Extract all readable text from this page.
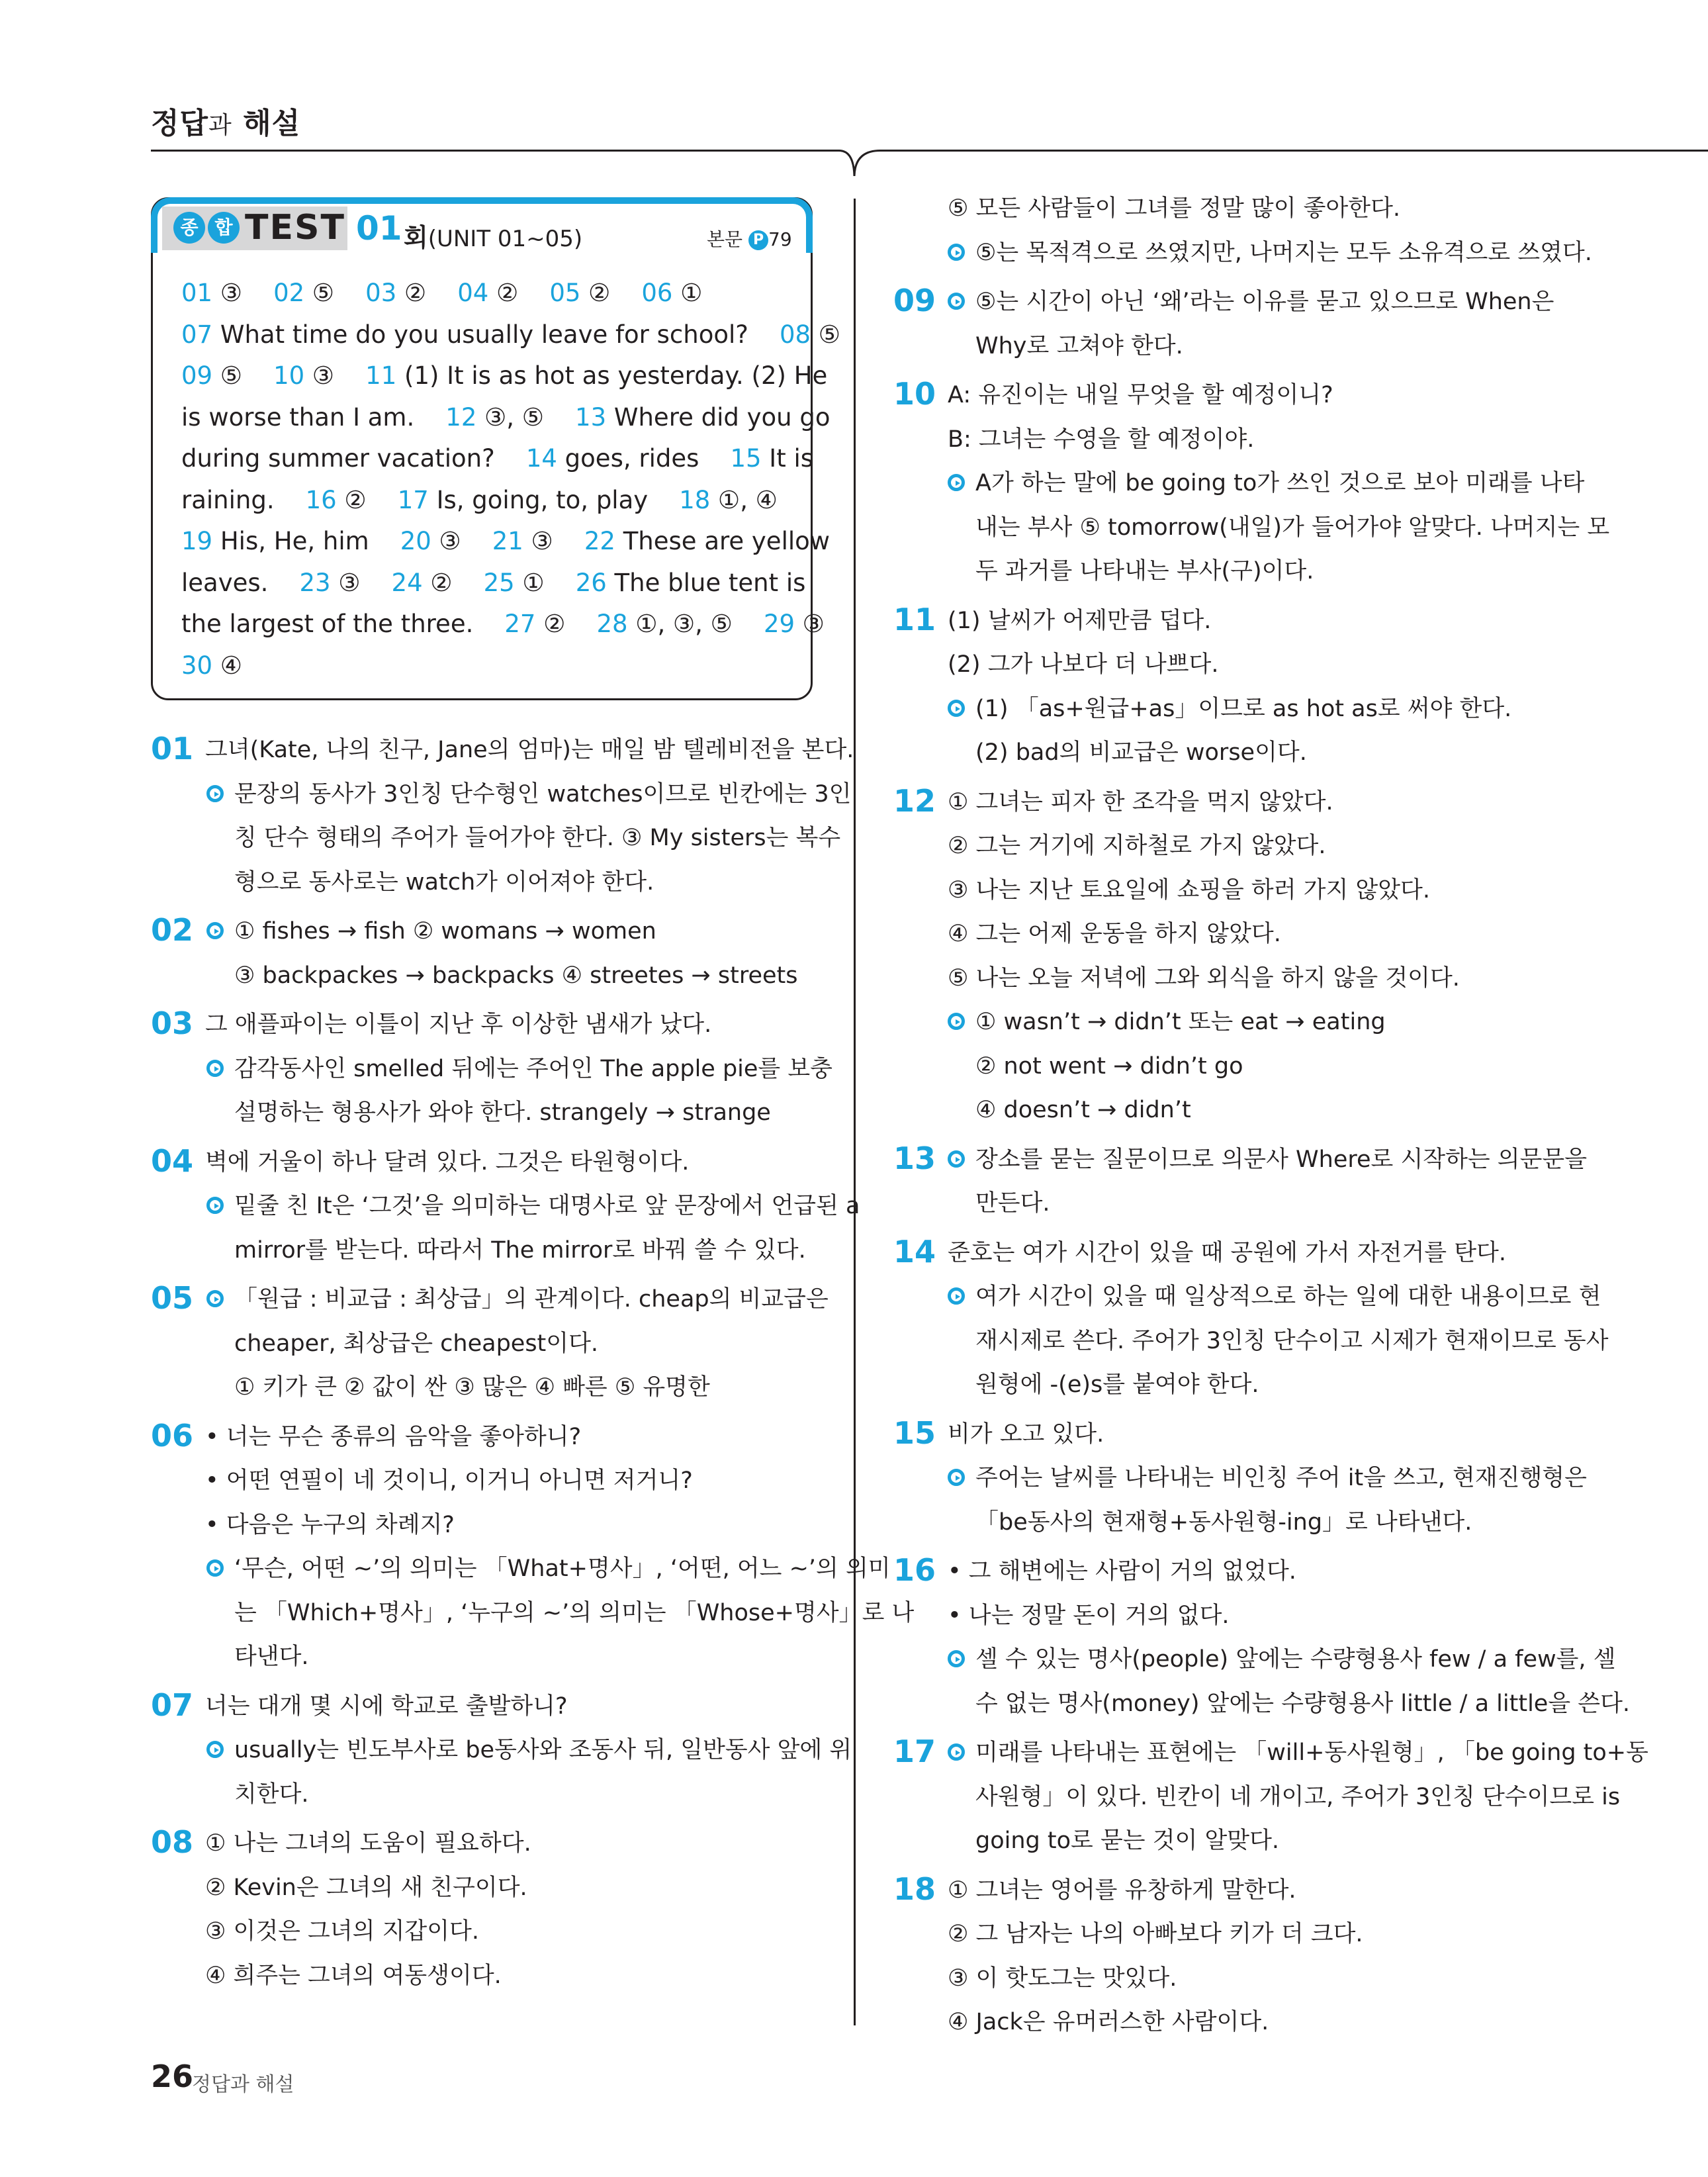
정답과 해설
종 합 TEST 01 회(UNIT 01~05)	본문 P 79
01 ③    02 ⑤    03 ②    04 ②    05 ②    06 ①
07 What time do you usually leave for school?    08 ⑤
09 ⑤    10 ③    11 (1) It is as hot as yesterday. (2) He
is worse than I am.    12 ③, ⑤    13 Where did you go
during summer vacation?    14 goes, rides    15 It is
raining.    16 ②    17 Is, going, to, play    18 ①, ④
19 His, He, him    20 ③    21 ③    22 These are yellow
leaves.    23 ③    24 ②    25 ①    26 The blue tent is
the largest of the three.    27 ②    28 ①, ③, ⑤    29 ③
30 ④
26
정답과 해설
01 그녀(Kate, 나의 친구, Jane의 엄마)는 매일 밤 텔레비전을 본다.
문장의 동사가 3인칭 단수형인 watches이므로 빈칸에는 3인
칭 단수 형태의 주어가 들어가야 한다. ③ My sisters는 복수
형으로 동사로는 watch가 이어져야 한다.
02 ① fishes → fish ② womans → women
③ backpackes → backpacks ④ streetes → streets
03 그 애플파이는 이틀이 지난 후 이상한 냄새가 났다.
감각동사인 smelled 뒤에는 주어인 The apple pie를 보충
설명하는 형용사가 와야 한다. strangely → strange
04 벽에 거울이 하나 달려 있다. 그것은 타원형이다.
밑줄 친 It은 ‘그것’을 의미하는 대명사로 앞 문장에서 언급된 a
mirror를 받는다. 따라서 The mirror로 바꿔 쓸 수 있다.
05 「원급 : 비교급 : 최상급」의 관계이다. cheap의 비교급은
cheaper, 최상급은 cheapest이다.
① 키가 큰 ② 값이 싼 ③ 많은 ④ 빠른 ⑤ 유명한
06 • 너는 무슨 종류의 음악을 좋아하니?
• 어떤 연필이 네 것이니, 이거니 아니면 저거니?
• 다음은 누구의 차례지?
‘무슨, 어떤 ~’의 의미는 「What+명사」, ‘어떤, 어느 ~’의 의미
는 「Which+명사」, ‘누구의 ~’의 의미는 「Whose+명사」로 나
타낸다.
07 너는 대개 몇 시에 학교로 출발하니?
usually는 빈도부사로 be동사와 조동사 뒤, 일반동사 앞에 위
치한다.
08 ① 나는 그녀의 도움이 필요하다.
② Kevin은 그녀의 새 친구이다.
③ 이것은 그녀의 지갑이다.
④ 희주는 그녀의 여동생이다.
⑤ 모든 사람들이 그녀를 정말 많이 좋아한다.
⑤는 목적격으로 쓰였지만, 나머지는 모두 소유격으로 쓰였다.
09 ⑤는 시간이 아닌 ‘왜’라는 이유를 묻고 있으므로 When은
Why로 고쳐야 한다.
10 A: 유진이는 내일 무엇을 할 예정이니?
B: 그녀는 수영을 할 예정이야.
A가 하는 말에 be going to가 쓰인 것으로 보아 미래를 나타
내는 부사 ⑤ tomorrow(내일)가 들어가야 알맞다. 나머지는 모
두 과거를 나타내는 부사(구)이다.
11 (1) 날씨가 어제만큼 덥다.
(2) 그가 나보다 더 나쁘다.
(1) 「as+원급+as」이므로 as hot as로 써야 한다.
(2) bad의 비교급은 worse이다.
12 ① 그녀는 피자 한 조각을 먹지 않았다.
② 그는 거기에 지하철로 가지 않았다.
③ 나는 지난 토요일에 쇼핑을 하러 가지 않았다.
④ 그는 어제 운동을 하지 않았다.
⑤ 나는 오늘 저녁에 그와 외식을 하지 않을 것이다.
① wasn’t → didn’t 또는 eat → eating
② not went → didn’t go
④ doesn’t → didn’t
13 장소를 묻는 질문이므로 의문사 Where로 시작하는 의문문을
만든다.
14 준호는 여가 시간이 있을 때 공원에 가서 자전거를 탄다.
여가 시간이 있을 때 일상적으로 하는 일에 대한 내용이므로 현
재시제로 쓴다. 주어가 3인칭 단수이고 시제가 현재이므로 동사
원형에 -(e)s를 붙여야 한다.
15 비가 오고 있다.
주어는 날씨를 나타내는 비인칭 주어 it을 쓰고, 현재진행형은
「be동사의 현재형+동사원형-ing」로 나타낸다.
16 • 그 해변에는 사람이 거의 없었다.
• 나는 정말 돈이 거의 없다.
셀 수 있는 명사(people) 앞에는 수량형용사 few / a few를, 셀
수 없는 명사(money) 앞에는 수량형용사 little / a little을 쓴다.
17 미래를 나타내는 표현에는 「will+동사원형」, 「be going to+동
사원형」이 있다. 빈칸이 네 개이고, 주어가 3인칭 단수이므로 is
going to로 묻는 것이 알맞다.
18 ① 그녀는 영어를 유창하게 말한다.
② 그 남자는 나의 아빠보다 키가 더 크다.
③ 이 핫도그는 맛있다.
④ Jack은 유머러스한 사람이다.
